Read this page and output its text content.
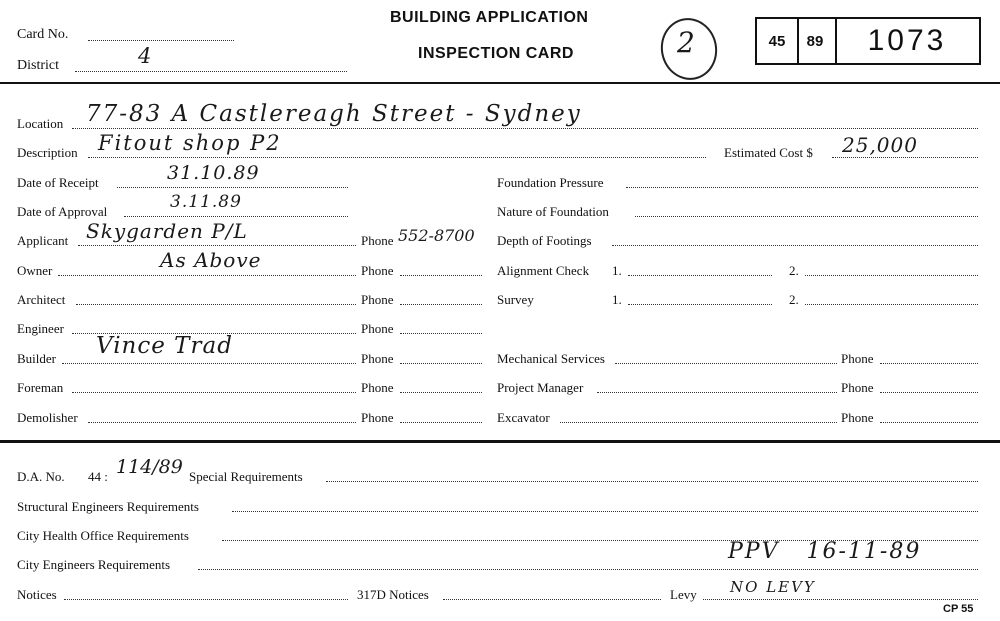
Card No.
District	4
BUILDING APPLICATION
INSPECTION CARD	2	45 89 1073
Location 77-83 A Castlereagh Street - Sydney
Description Fitout shop P2	Estimated Cost $ 25,000
Date of Receipt	31.10.89	Foundation Pressure
Date of Approval	3.11.89	Nature of Foundation
Applicant Skygarden P/L	Phone 552-8700 Depth of Footings
Owner	As Above	Phone	Alignment Check 1.	2.
Architect	Phone	Survey	1.	2.
Engineer	Phone
Builder Vince Trad	Phone	Mechanical Services	Phone
Foreman	Phone	Project Manager	Phone
Demolisher	Phone	Excavator	Phone
D.A. No. 44 : 114/89 Special Requirements
Structural Engineers Requirements
City Health Office Requirements
City Engineers Requirements
PPV   16-11-89
Notices	317D Notices	Levy NO LEVY
CP 55
